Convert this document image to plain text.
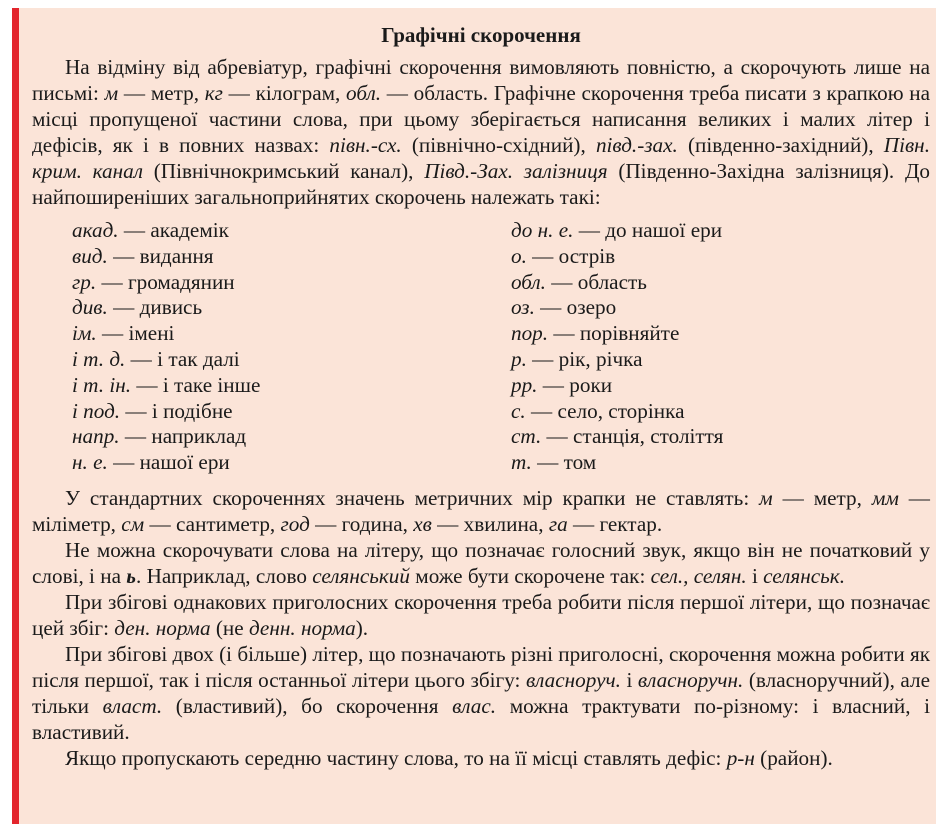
Графічні скорочення

На відміну від абревіатур, графічні скорочення вимовляють повністю, а скорочують лише на письмі: м — метр, кг — кілограм, обл. — область. Графічне скорочення треба писати з крапкою на місці пропущеної частини слова, при цьому зберігається написання великих і малих літер і дефісів, як і в повних назвах: півн.-сх. (північно-східний), півд.-зах. (південно-західний), Півн. крим. канал (Північнокримський канал), Півд.-Зах. залізниця (Південно-Західна залізниця). До найпоширеніших загальноприйнятих скорочень належать такі:

акад. — академік
вид. — видання
гр. — громадянин
див. — дивись
ім. — імені
і т. д. — і так далі
і т. ін. — і таке інше
і под. — і подібне
напр. — наприклад
н. е. — нашої ери
до н. е. — до нашої ери
о. — острів
обл. — область
оз. — озеро
пор. — порівняйте
р. — рік, річка
рр. — роки
с. — село, сторінка
ст. — станція, століття
т. — том

У стандартних скороченнях значень метричних мір крапки не ставлять: м — метр, мм — міліметр, см — сантиметр, год — година, хв — хвилина, га — гектар.

Не можна скорочувати слова на літеру, що позначає голосний звук, якщо він не початковий у слові, і на ь. Наприклад, слово селянський може бути скорочене так: сел., селян. і селянськ.

При збігові однакових приголосних скорочення треба робити після першої літери, що позначає цей збіг: ден. норма (не денн. норма).

При збігові двох (і більше) літер, що позначають різні приголосні, скорочення можна робити як після першої, так і після останньої літери цього збігу: власноруч. і власноручн. (власноручний), але тільки власт. (властивий), бо скорочення влас. можна трактувати по-різному: і власний, і властивий.

Якщо пропускають середню частину слова, то на її місці ставлять дефіс: р-н (район).
